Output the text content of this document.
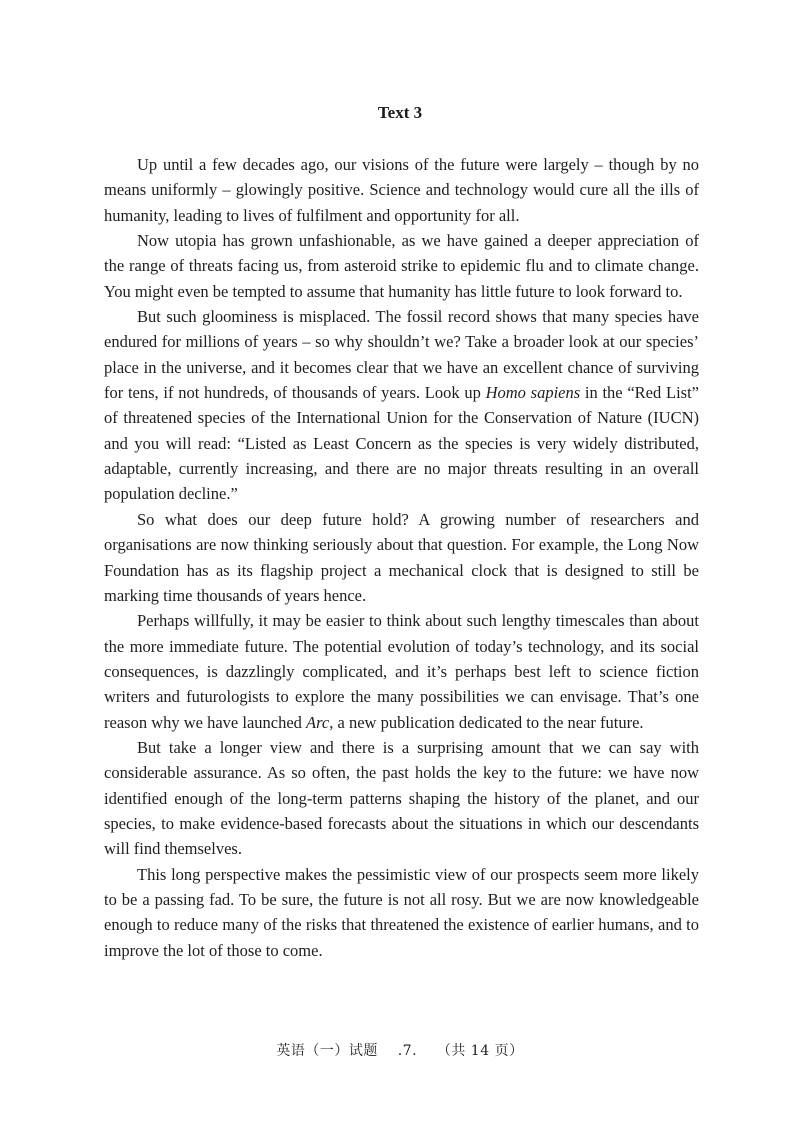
Text 3

Up until a few decades ago, our visions of the future were largely – though by no means uniformly – glowingly positive. Science and technology would cure all the ills of humanity, leading to lives of fulfilment and opportunity for all.

Now utopia has grown unfashionable, as we have gained a deeper appreciation of the range of threats facing us, from asteroid strike to epidemic flu and to climate change. You might even be tempted to assume that humanity has little future to look forward to.

But such gloominess is misplaced. The fossil record shows that many species have endured for millions of years – so why shouldn’t we? Take a broader look at our species’ place in the universe, and it becomes clear that we have an excellent chance of surviving for tens, if not hundreds, of thousands of years. Look up Homo sapiens in the “Red List” of threatened species of the International Union for the Conservation of Nature (IUCN) and you will read: “Listed as Least Concern as the species is very widely distributed, adaptable, currently increasing, and there are no major threats resulting in an overall population decline.”

So what does our deep future hold? A growing number of researchers and organisations are now thinking seriously about that question. For example, the Long Now Foundation has as its flagship project a mechanical clock that is designed to still be marking time thousands of years hence.

Perhaps willfully, it may be easier to think about such lengthy timescales than about the more immediate future. The potential evolution of today’s technology, and its social consequences, is dazzlingly complicated, and it’s perhaps best left to science fiction writers and futurologists to explore the many possibilities we can envisage. That’s one reason why we have launched Arc, a new publication dedicated to the near future.

But take a longer view and there is a surprising amount that we can say with considerable assurance. As so often, the past holds the key to the future: we have now identified enough of the long-term patterns shaping the history of the planet, and our species, to make evidence-based forecasts about the situations in which our descendants will find themselves.

This long perspective makes the pessimistic view of our prospects seem more likely to be a passing fad. To be sure, the future is not all rosy. But we are now knowledgeable enough to reduce many of the risks that threatened the existence of earlier humans, and to improve the lot of those to come.

英语（一）试题 .7. （共 14 页）
